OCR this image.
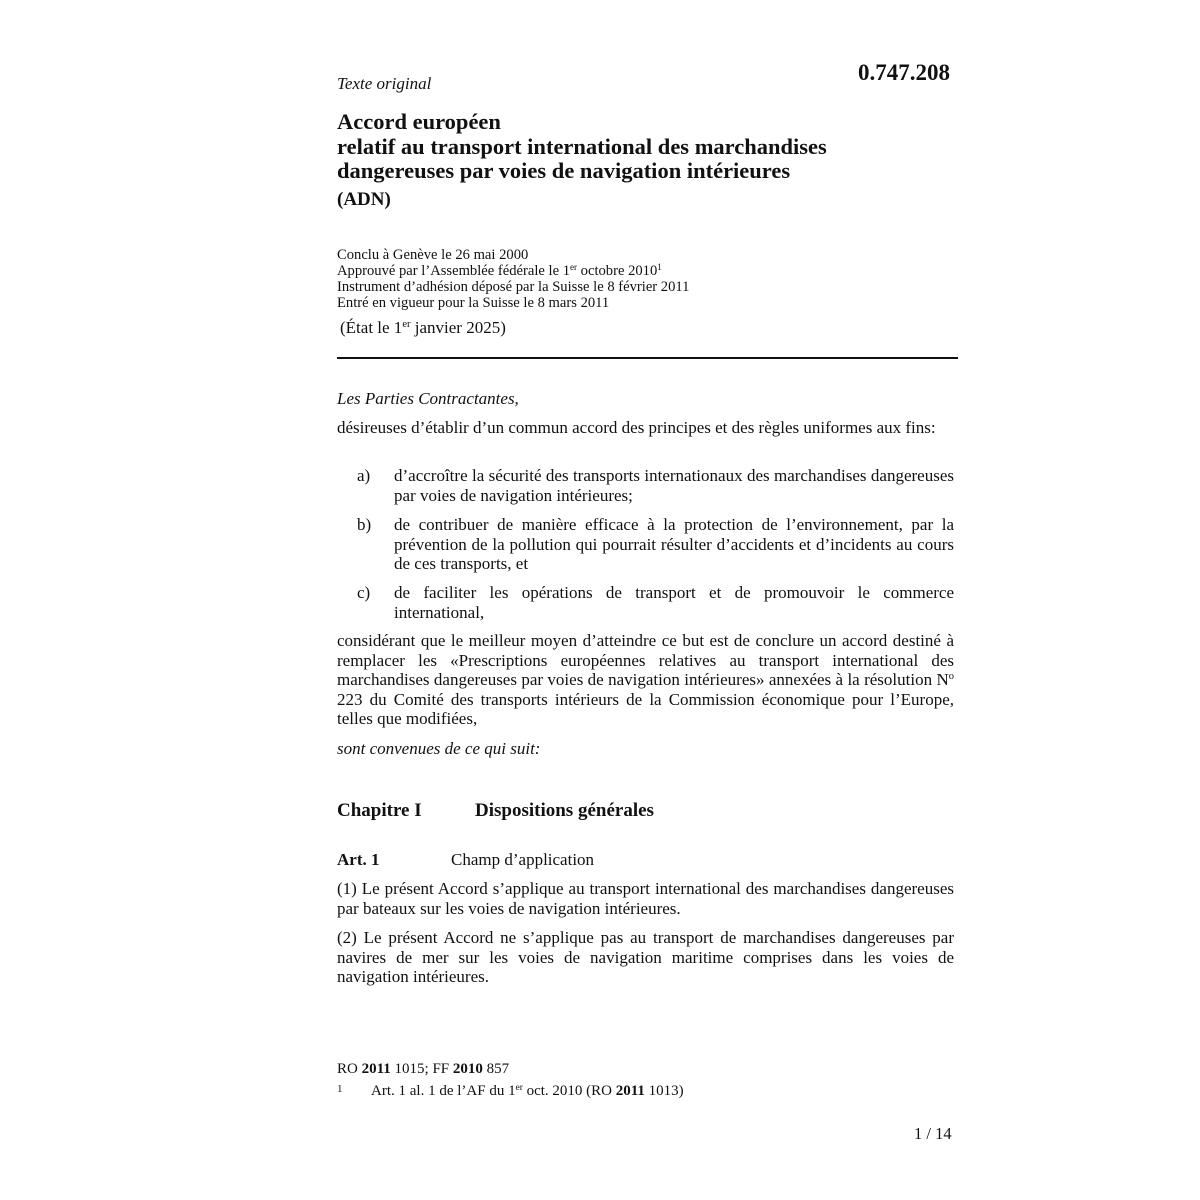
0.747.208
Texte original
Accord européen
relatif au transport international des marchandises
dangereuses par voies de navigation intérieures
(ADN)
Conclu à Genève le 26 mai 2000
Approuvé par l’Assemblée fédérale le 1er octobre 2010$^1$
Instrument d’adhésion déposé par la Suisse le 8 février 2011
Entré en vigueur pour la Suisse le 8 mars 2011
(État le 1er janvier 2025)
Les Parties Contractantes,
désireuses d’établir d’un commun accord des principes et des règles uniformes aux fins:
a) d’accroître la sécurité des transports internationaux des marchandises dangereuses par voies de navigation intérieures;
b) de contribuer de manière efficace à la protection de l’environnement, par la prévention de la pollution qui pourrait résulter d’accidents et d’incidents au cours de ces transports, et
c) de faciliter les opérations de transport et de promouvoir le commerce international,
considérant que le meilleur moyen d’atteindre ce but est de conclure un accord destiné à remplacer les «Prescriptions européennes relatives au transport international des marchandises dangereuses par voies de navigation intérieures» annexées à la résolution $N^o$ 223 du Comité des transports intérieurs de la Commission économique pour l’Europe, telles que modifiées,
sont convenues de ce qui suit:
Chapitre I	Dispositions générales
Art. 1	Champ d’application
(1) Le présent Accord s’applique au transport international des marchandises dangereuses par bateaux sur les voies de navigation intérieures.
(2) Le présent Accord ne s’applique pas au transport de marchandises dangereuses par navires de mer sur les voies de navigation maritime comprises dans les voies de navigation intérieures.
RO 2011 1015; FF 2010 857
1 Art. 1 al. 1 de l’AF du 1er oct. 2010 (RO 2011 1013)
1 / 14
